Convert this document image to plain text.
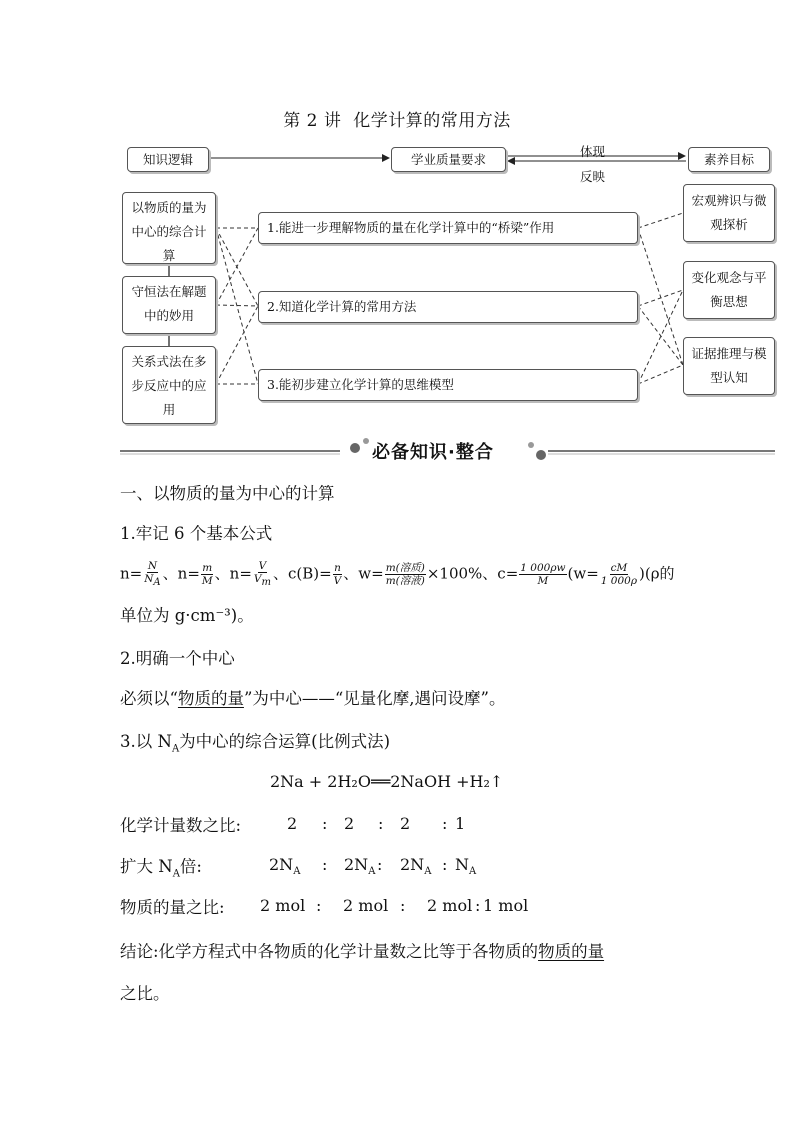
第 2 讲 化学计算的常用方法
知识逻辑	学业质量要求	素养目标
体现
反映
以物质的量为中心的综合计算
守恒法在解题中的妙用
关系式法在多步反应中的应用
1.能进一步理解物质的量在化学计算中的“桥梁”作用
2.知道化学计算的常用方法
3.能初步建立化学计算的思维模型
宏观辨识与微观探析
变化观念与平衡思想
证据推理与模型认知
必备知识·整合
一、以物质的量为中心的计算
1.牢记 6 个基本公式
$n= \frac{N}{N_A}$ 、$n= \frac{m}{M}$ 、$n= \frac{V}{V_m}$ 、$c(B)= \frac{n}{V}$ 、$w= \frac{\text{m(溶质)}}{\text{m(溶液)}} \times 100\%$、$c= \frac{1 000\rho w}{M} (w= \frac{cM}{1 000\rho} )(\rho$的
单位为 g·cm⁻³)。
2.明确一个中心
必须以“物质的量”为中心——“见量化摩,遇问设摩”。
3.以 $N_A$为中心的综合运算(比例式法)
2Na + 2H₂O══2NaOH +H₂↑
化学计量数之比:	2 : 2 : 2 : 1
扩大 $N_A$倍:	$2N_A$ : $2N_A$ : $2N_A$ : $N_A$
物质的量之比: 2 mol : 2 mol : 2 mol : 1 mol
结论:化学方程式中各物质的化学计量数之比等于各物质的物质的量
之比。
